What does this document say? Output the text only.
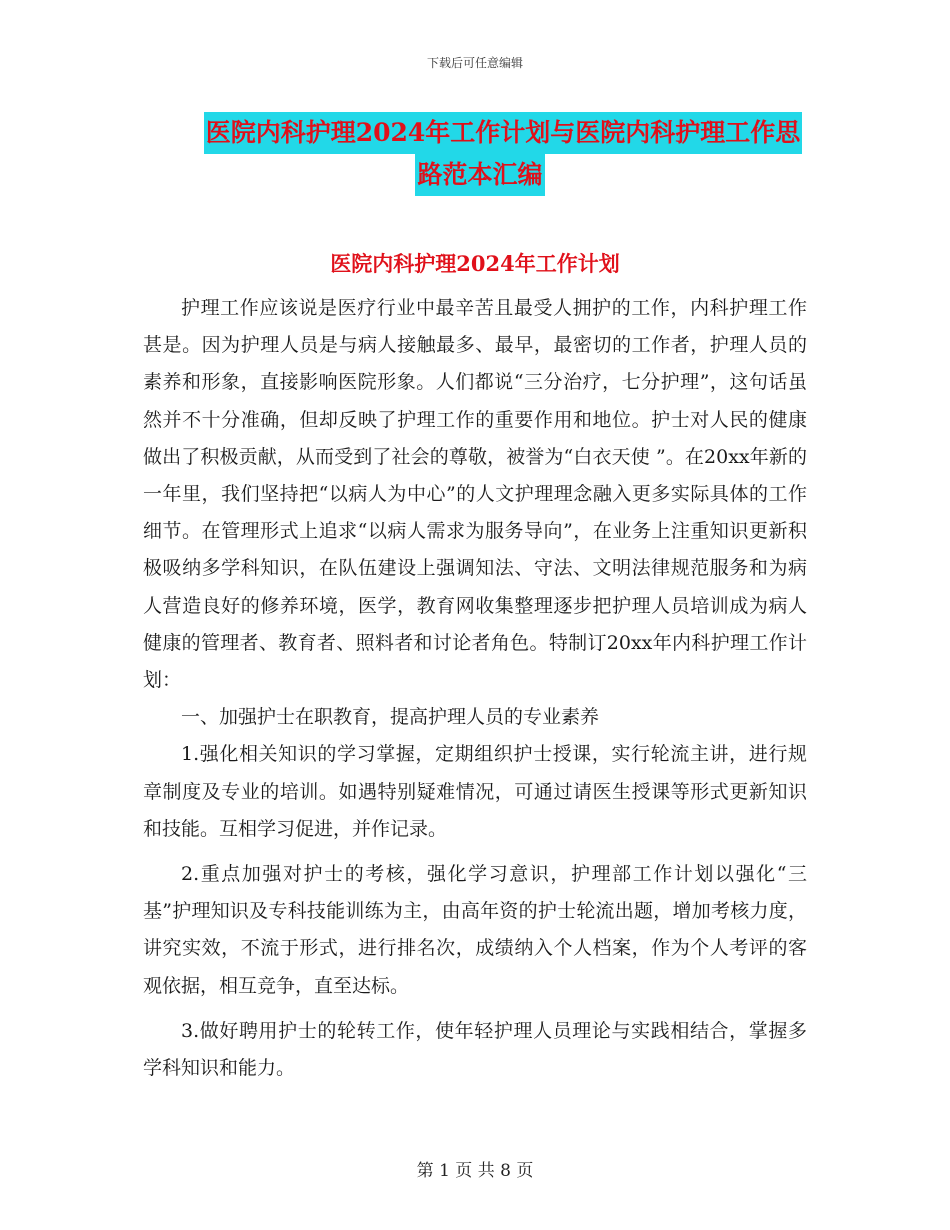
下载后可任意编辑
医院内科护理2024年工作计划与医院内科护理工作思
路范本汇编
医院内科护理2024年工作计划

护理工作应该说是医疗行业中最辛苦且最受人拥护的工作，内科护理工作甚是。因为护理人员是与病人接触最多、最早，最密切的工作者，护理人员的素养和形象，直接影响医院形象。人们都说“三分治疗，七分护理”，这句话虽然并不十分准确，但却反映了护理工作的重要作用和地位。护士对人民的健康做出了积极贡献，从而受到了社会的尊敬，被誉为“白衣天使 ”。在20xx年新的一年里，我们坚持把“以病人为中心”的人文护理理念融入更多实际具体的工作细节。在管理形式上追求“以病人需求为服务导向”，在业务上注重知识更新积极吸纳多学科知识，在队伍建设上强调知法、守法、文明法律规范服务和为病人营造良好的修养环境，医学，教育网收集整理逐步把护理人员培训成为病人健康的管理者、教育者、照料者和讨论者角色。特制订20xx年内科护理工作计划：

一、加强护士在职教育，提高护理人员的专业素养

1.强化相关知识的学习掌握，定期组织护士授课，实行轮流主讲，进行规章制度及专业的培训。如遇特别疑难情况，可通过请医生授课等形式更新知识和技能。互相学习促进，并作记录。

2.重点加强对护士的考核，强化学习意识，护理部工作计划以强化“三基”护理知识及专科技能训练为主，由高年资的护士轮流出题，增加考核力度，讲究实效，不流于形式，进行排名次，成绩纳入个人档案，作为个人考评的客观依据，相互竞争，直至达标。

3.做好聘用护士的轮转工作，使年轻护理人员理论与实践相结合，掌握多学科知识和能力。

第 1 页 共 8 页
